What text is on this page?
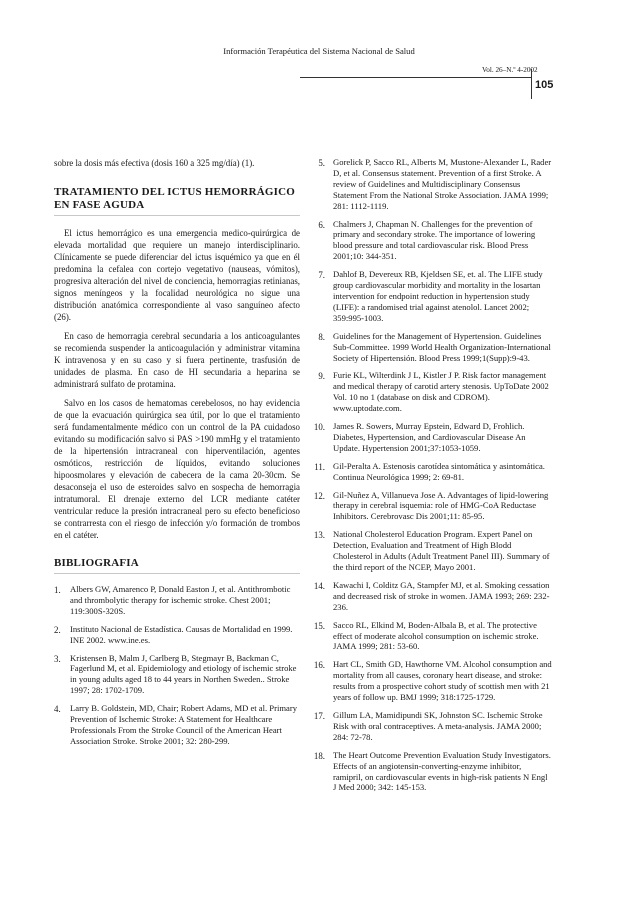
Información Terapéutica del Sistema Nacional de Salud
Vol. 26–N.º 4-2002
105

sobre la dosis más efectiva (dosis 160 a 325 mg/día) (1).

TRATAMIENTO DEL ICTUS HEMORRÁGICO EN FASE AGUDA

El ictus hemorrágico es una emergencia medico-quirúrgica de elevada mortalidad que requiere un manejo interdisciplinario. Clínicamente se puede diferenciar del ictus isquémico ya que en él predomina la cefalea con cortejo vegetativo (nauseas, vómitos), progresiva alteración del nivel de conciencia, hemorragias retinianas, signos meníngeos y la focalidad neurológica no sigue una distribución anatómica correspondiente al vaso sanguíneo afecto (26).

En caso de hemorragia cerebral secundaria a los anticoagulantes se recomienda suspender la anticoagulación y administrar vitamina K intravenosa y en su caso y si fuera pertinente, trasfusión de unidades de plasma. En caso de HI secundaria a heparina se administrará sulfato de protamina.

Salvo en los casos de hematomas cerebelosos, no hay evidencia de que la evacuación quirúrgica sea útil, por lo que el tratamiento será fundamentalmente médico con un control de la PA cuidadoso evitando su modificación salvo si PAS >190 mmHg y el tratamiento de la hipertensión intracraneal con hiperventilación, agentes osmóticos, restricción de líquidos, evitando soluciones hipoosmolares y elevación de cabecera de la cama 20-30cm. Se desaconseja el uso de esteroides salvo en sospecha de hemorragia intratumoral. El drenaje externo del LCR mediante catéter ventricular reduce la presión intracraneal pero su efecto beneficioso se contrarresta con el riesgo de infección y/o formación de trombos en el catéter.

BIBLIOGRAFIA
1.	Albers GW, Amarenco P, Donald Easton J, et al. Antithrombotic and thrombolytic therapy for ischemic stroke. Chest 2001; 119:300S-320S.
2.	Instituto Nacional de Estadística. Causas de Mortalidad en 1999. INE 2002. www.ine.es.
3.	Kristensen B, Malm J, Carlberg B, Stegmayr B, Backman C, Fagerlund M, et al. Epidemiology and etiology of ischemic stroke in young adults aged 18 to 44 years in Northen Sweden.. Stroke 1997; 28: 1702-1709.
4.	Larry B. Goldstein, MD, Chair; Robert Adams, MD et al. Primary Prevention of Ischemic Stroke: A Statement for Healthcare Professionals From the Stroke Council of the American Heart Association Stroke. Stroke 2001; 32: 280-299.
5. Gorelick P, Sacco RL, Alberts M, Mustone-Alexander L, Rader D, et al. Consensus statement. Prevention of a first Stroke. A review of Guidelines and Multidisciplinary Consensus Statement From the National Stroke Association. JAMA 1999; 281: 1112-1119.
6. Chalmers J, Chapman N. Challenges for the prevention of primary and secondary stroke. The importance of lowering blood pressure and total cardiovascular risk. Blood Press 2001;10: 344-351.
7. Dahlof B, Devereux RB, Kjeldsen SE, et. al. The LIFE study group cardiovascular morbidity and mortality in the losartan intervention for endpoint reduction in hypertension study (LIFE): a randomised trial against atenolol. Lancet 2002; 359:995-1003.
8. Guidelines for the Management of Hypertension. Guidelines Sub-Committee. 1999 World Health Organization-International Society of Hipertensión. Blood Press 1999;1(Supp):9-43.
9. Furie KL, Wilterdink J L, Kistler J P. Risk factor management and medical therapy of carotid artery stenosis. UpToDate 2002 Vol. 10 no 1 (database on disk and CDROM). www.uptodate.com.
10. James R. Sowers, Murray Epstein, Edward D, Frohlich. Diabetes, Hypertension, and Cardiovascular Disease An Update. Hypertension 2001;37:1053-1059.
11. Gil-Peralta A. Estenosis carotídea sintomática y asintomática. Continua Neurológica 1999; 2: 69-81.
12. Gil-Nuñez A, Villanueva Jose A. Advantages of lipid-lowering therapy in cerebral isquemia: role of HMG-CoA Reductase Inhibitors. Cerebrovasc Dis 2001;11: 85-95.
13. National Cholesterol Education Program. Expert Panel on Detection, Evaluation and Treatment of High Blodd Cholesterol in Adults (Adult Treatment Panel III). Summary of the third report of the NCEP, Mayo 2001.
14. Kawachi I, Colditz GA, Stampfer MJ, et al. Smoking cessation and decreased risk of stroke in women. JAMA 1993; 269: 232-236.
15. Sacco RL, Elkind M, Boden-Albala B, et al. The protective effect of moderate alcohol consumption on ischemic stroke. JAMA 1999; 281: 53-60.
16. Hart CL, Smith GD, Hawthorne VM. Alcohol consumption and mortality from all causes, coronary heart disease, and stroke: results from a prospective cohort study of scottish men with 21 years of follow up. BMJ 1999; 318:1725-1729.
17. Gillum LA, Mamidipundi SK, Johnston SC. Ischemic Stroke Risk with oral contraceptives. A meta-analysis. JAMA 2000; 284: 72-78.
18. The Heart Outcome Prevention Evaluation Study Investigators. Effects of an angiotensin-converting-enzyme inhibitor, ramipril, on cardiovascular events in high-risk patients N Engl J Med 2000; 342: 145-153.
